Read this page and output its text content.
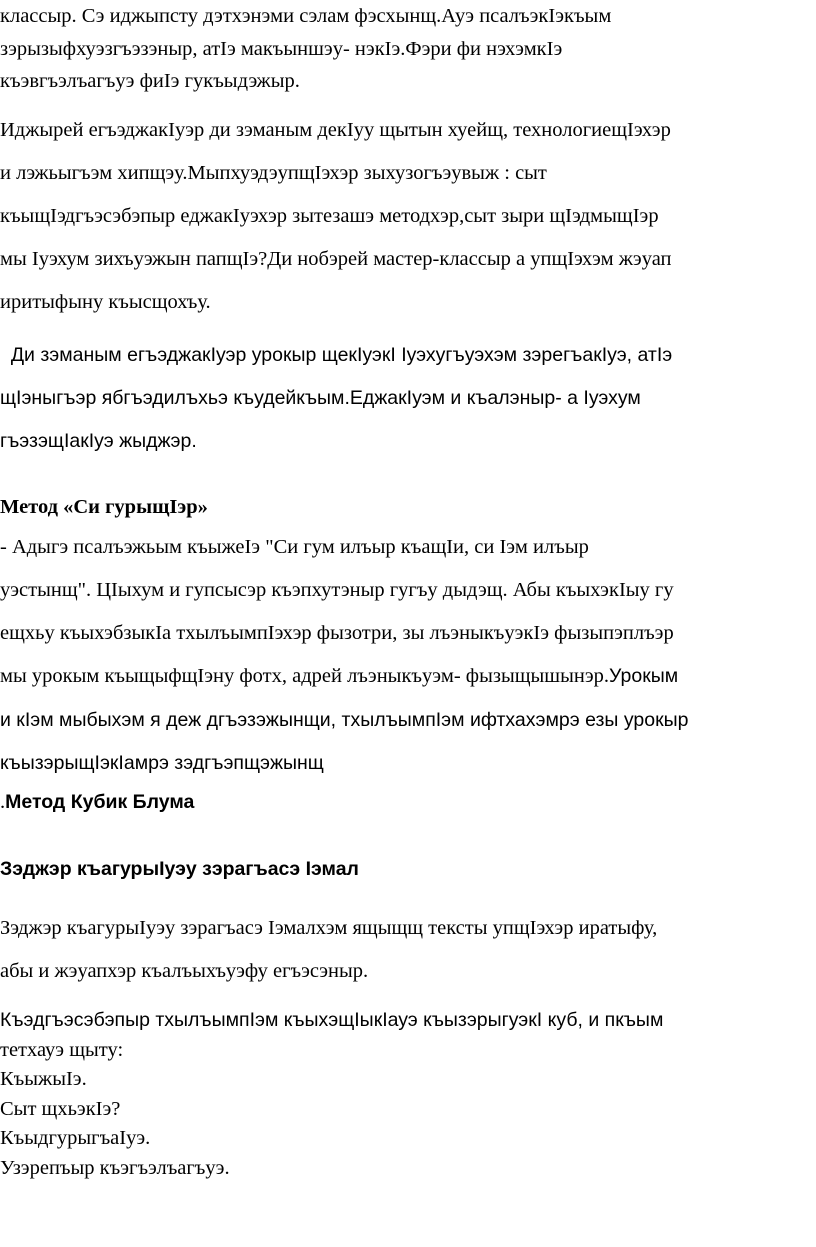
классыр. Сэ иджыпсту дэтхэнэми сэлам фэсхынщ.Ауэ псалъэкIэкъым
зэрызыфхуэзгъэзэныр, атIэ макъыншэу- нэкIэ.Фэри фи нэхэмкIэ
къэвгъэлъагъуэ фиIэ гукъыдэжыр.
Иджырей егъэджакIуэр ди зэманым декIуу щытын хуейщ, технологиещIэхэр
и лэжьыгъэм хипщэу.МыпхуэдэупщIэхэр зыхузогъэувыж : сыт
къыщIэдгъэсэбэпыр еджакIуэхэр зытезашэ методхэр,сыт зыри щIэдмыщIэр
мы Iуэхум зихъуэжын папщIэ?Ди нобэрей мастер-классыр а упщIэхэм жэуап
иритыфыну къысщохъу.
Ди зэманым егъэджакIуэр урокыр щекIуэкI Iуэхугъуэхэм зэрегъакIуэ, атIэ
щIэныгъэр ябгъэдилъхьэ къудейкъым.ЕджакIуэм и къалэныр- а Iуэхум
гъэзэщIакIуэ жыджэр.
Метод «Си гурыщIэр»
- Адыгэ псалъэжьым къыжеIэ "Си гум илъыр къащIи, си Iэм илъыр
уэстынщ". ЦIыхум и гупсысэр къэпхутэныр гугъу дыдэщ. Абы къыхэкIыу гу
ещхьу къыхэбзыкIа тхылъымпIэхэр фызотри, зы лъэныкъуэкIэ фызыпэплъэр
мы урокым къыщыфщIэну фотх, адрей лъэныкъуэм- фызыщышынэр.Урокым
и кIэм мыбыхэм я деж дгъэзэжынщи, тхылъымпIэм ифтхахэмрэ езы урокыр
къызэрыщIэкIамрэ зэдгъэпщэжынщ
.Метод Кубик Блума
Зэджэр къагурыIуэу зэрагъасэ Iэмал
Зэджэр къагурыIуэу зэрагъасэ Iэмалхэм ящыщщ тексты упщIэхэр иратыфу,
абы и жэуапхэр къалъыхъуэфу егъэсэныр.
Къэдгъэсэбэпыр тхылъымпIэм къыхэщIыкIауэ къызэрыгуэкI куб, и пкъым
тетхауэ щыту:
КъыжыIэ.
Сыт щхьэкIэ?
КъыдгурыгъаIуэ.
Узэрепъыр къэгъэлъагъуэ.
